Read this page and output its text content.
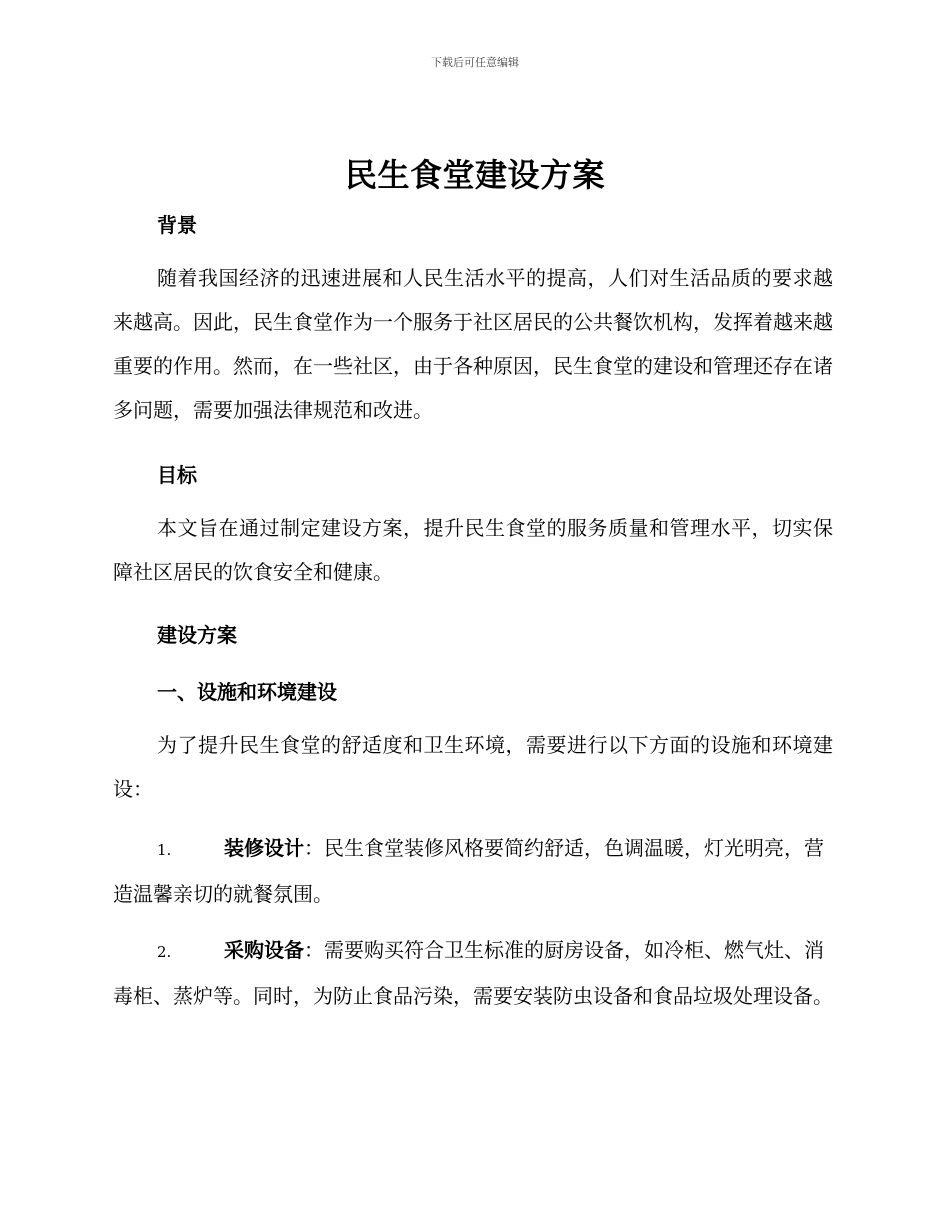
下载后可任意编辑
民生食堂建设方案
背景

随着我国经济的迅速进展和人民生活水平的提高，人们对生活品质的要求越来越高。因此，民生食堂作为一个服务于社区居民的公共餐饮机构，发挥着越来越重要的作用。然而，在一些社区，由于各种原因，民生食堂的建设和管理还存在诸多问题，需要加强法律规范和改进。

目标

本文旨在通过制定建设方案，提升民生食堂的服务质量和管理水平，切实保障社区居民的饮食安全和健康。

建设方案
一、设施和环境建设

为了提升民生食堂的舒适度和卫生环境，需要进行以下方面的设施和环境建设：

1.	装修设计：民生食堂装修风格要简约舒适，色调温暖，灯光明亮，营造温馨亲切的就餐氛围。

2.	采购设备：需要购买符合卫生标准的厨房设备，如冷柜、燃气灶、消毒柜、蒸炉等。同时，为防止食品污染，需要安装防虫设备和食品垃圾处理设备。
